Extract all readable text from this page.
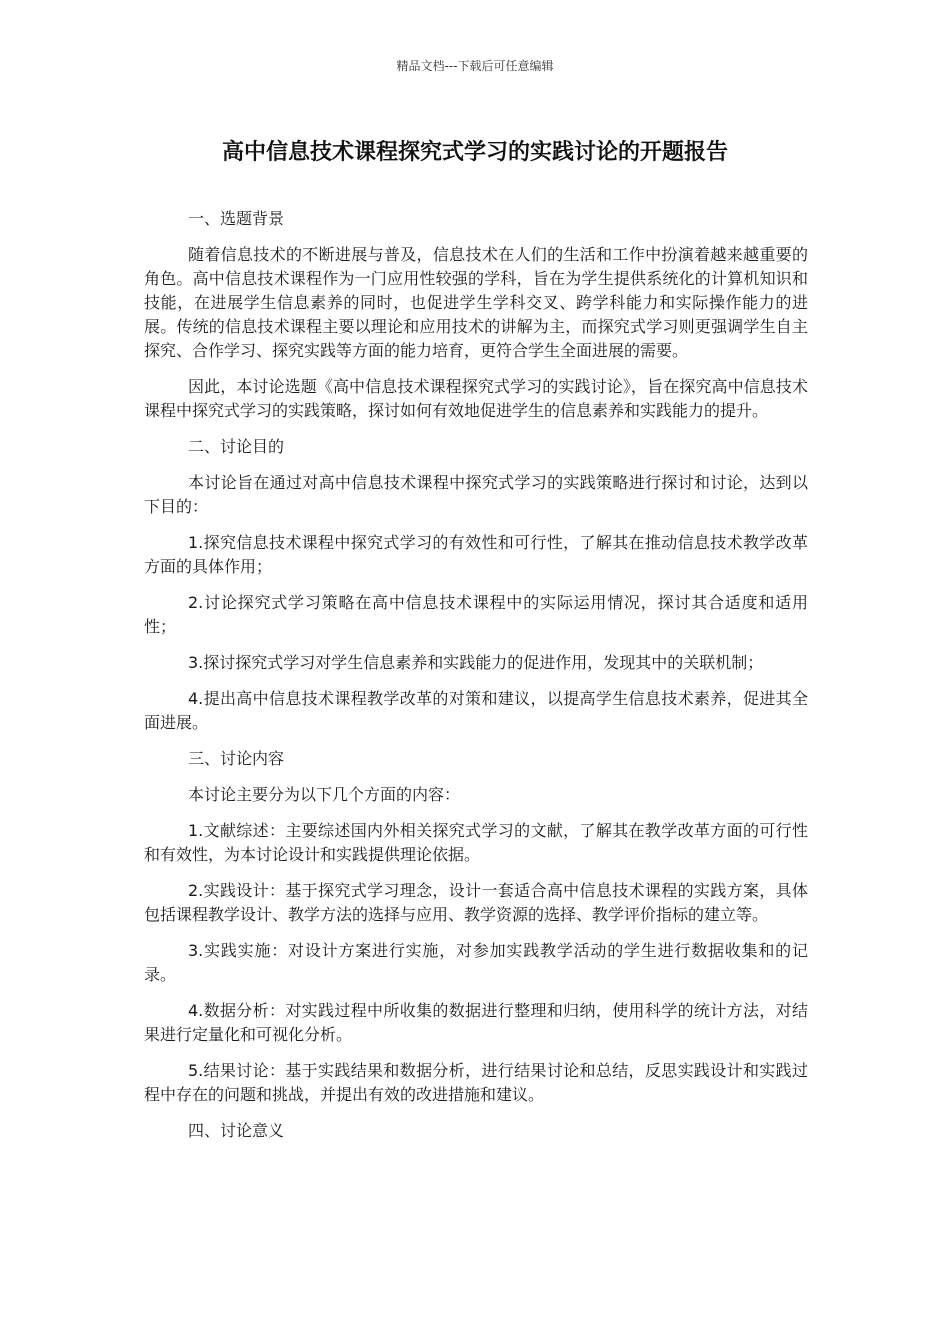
精品文档---下载后可任意编辑
高中信息技术课程探究式学习的实践讨论的开题报告

一、选题背景

随着信息技术的不断进展与普及，信息技术在人们的生活和工作中扮演着越来越重要的角色。高中信息技术课程作为一门应用性较强的学科，旨在为学生提供系统化的计算机知识和技能，在进展学生信息素养的同时，也促进学生学科交叉、跨学科能力和实际操作能力的进展。传统的信息技术课程主要以理论和应用技术的讲解为主，而探究式学习则更强调学生自主探究、合作学习、探究实践等方面的能力培育，更符合学生全面进展的需要。

因此，本讨论选题《高中信息技术课程探究式学习的实践讨论》，旨在探究高中信息技术课程中探究式学习的实践策略，探讨如何有效地促进学生的信息素养和实践能力的提升。

二、讨论目的

本讨论旨在通过对高中信息技术课程中探究式学习的实践策略进行探讨和讨论，达到以下目的：

1.探究信息技术课程中探究式学习的有效性和可行性，了解其在推动信息技术教学改革方面的具体作用；

2.讨论探究式学习策略在高中信息技术课程中的实际运用情况，探讨其合适度和适用性；

3.探讨探究式学习对学生信息素养和实践能力的促进作用，发现其中的关联机制；

4.提出高中信息技术课程教学改革的对策和建议，以提高学生信息技术素养，促进其全面进展。

三、讨论内容

本讨论主要分为以下几个方面的内容：

1.文献综述：主要综述国内外相关探究式学习的文献，了解其在教学改革方面的可行性和有效性，为本讨论设计和实践提供理论依据。

2.实践设计：基于探究式学习理念，设计一套适合高中信息技术课程的实践方案，具体包括课程教学设计、教学方法的选择与应用、教学资源的选择、教学评价指标的建立等。

3.实践实施：对设计方案进行实施，对参加实践教学活动的学生进行数据收集和的记录。

4.数据分析：对实践过程中所收集的数据进行整理和归纳，使用科学的统计方法，对结果进行定量化和可视化分析。

5.结果讨论：基于实践结果和数据分析，进行结果讨论和总结，反思实践设计和实践过程中存在的问题和挑战，并提出有效的改进措施和建议。

四、讨论意义
